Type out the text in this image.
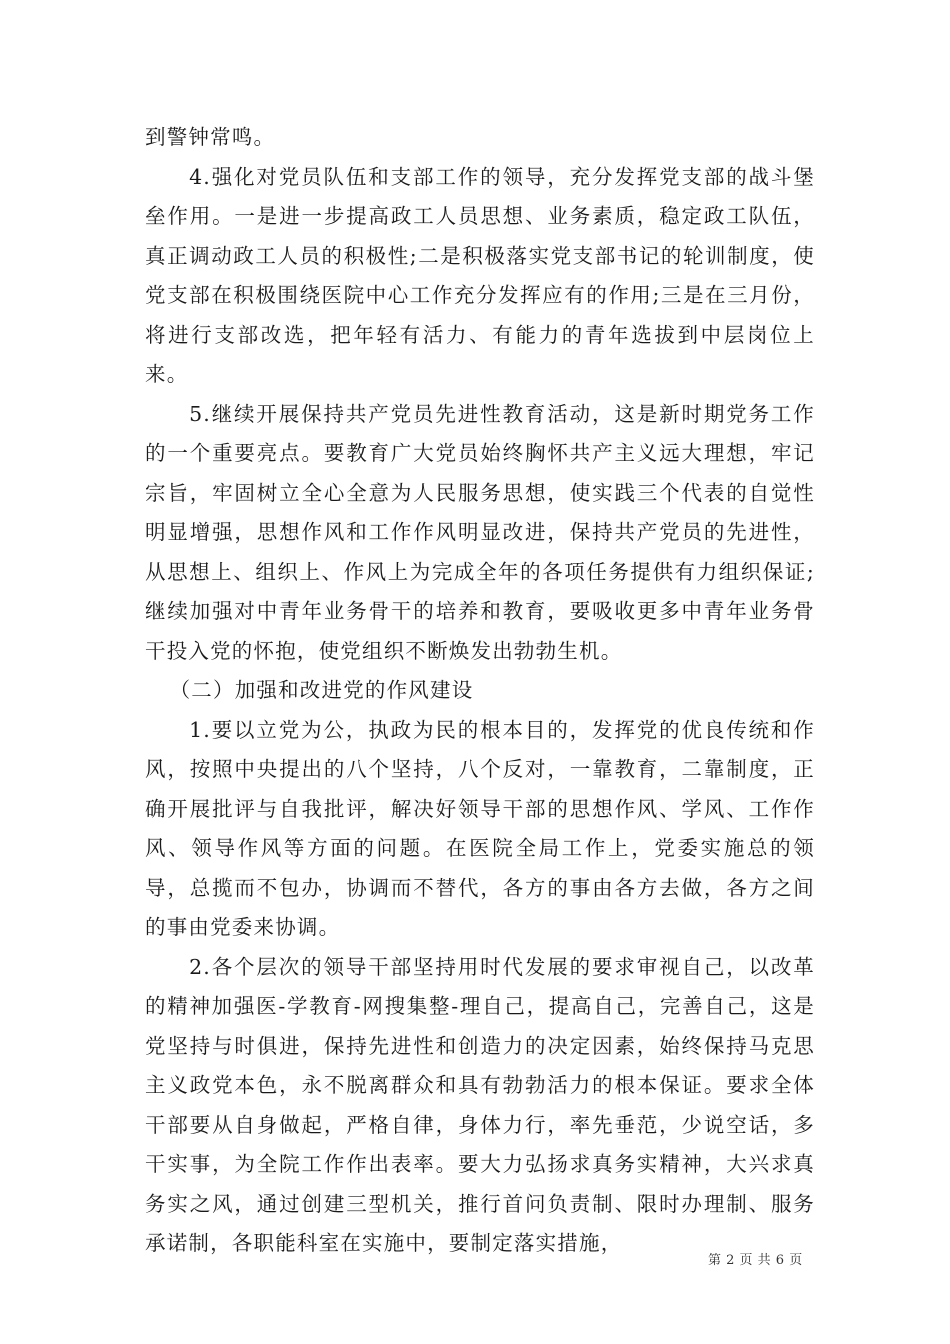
到警钟常鸣。

4.强化对党员队伍和支部工作的领导，充分发挥党支部的战斗堡垒作用。一是进一步提高政工人员思想、业务素质，稳定政工队伍，真正调动政工人员的积极性;二是积极落实党支部书记的轮训制度，使党支部在积极围绕医院中心工作充分发挥应有的作用;三是在三月份，将进行支部改选，把年轻有活力、有能力的青年选拔到中层岗位上来。

5.继续开展保持共产党员先进性教育活动，这是新时期党务工作的一个重要亮点。要教育广大党员始终胸怀共产主义远大理想，牢记宗旨，牢固树立全心全意为人民服务思想，使实践三个代表的自觉性明显增强，思想作风和工作作风明显改进，保持共产党员的先进性，从思想上、组织上、作风上为完成全年的各项任务提供有力组织保证;继续加强对中青年业务骨干的培养和教育，要吸收更多中青年业务骨干投入党的怀抱，使党组织不断焕发出勃勃生机。

（二）加强和改进党的作风建设

1.要以立党为公，执政为民的根本目的，发挥党的优良传统和作风，按照中央提出的八个坚持，八个反对，一靠教育，二靠制度，正确开展批评与自我批评，解决好领导干部的思想作风、学风、工作作风、领导作风等方面的问题。在医院全局工作上，党委实施总的领导，总揽而不包办，协调而不替代，各方的事由各方去做，各方之间的事由党委来协调。

2.各个层次的领导干部坚持用时代发展的要求审视自己，以改革的精神加强医-学教育-网搜集整-理自己，提高自己，完善自己，这是党坚持与时俱进，保持先进性和创造力的决定因素，始终保持马克思主义政党本色，永不脱离群众和具有勃勃活力的根本保证。要求全体干部要从自身做起，严格自律，身体力行，率先垂范，少说空话，多干实事，为全院工作作出表率。要大力弘扬求真务实精神，大兴求真务实之风，通过创建三型机关，推行首问负责制、限时办理制、服务承诺制，各职能科室在实施中，要制定落实措施，

第 2 页 共 6 页
